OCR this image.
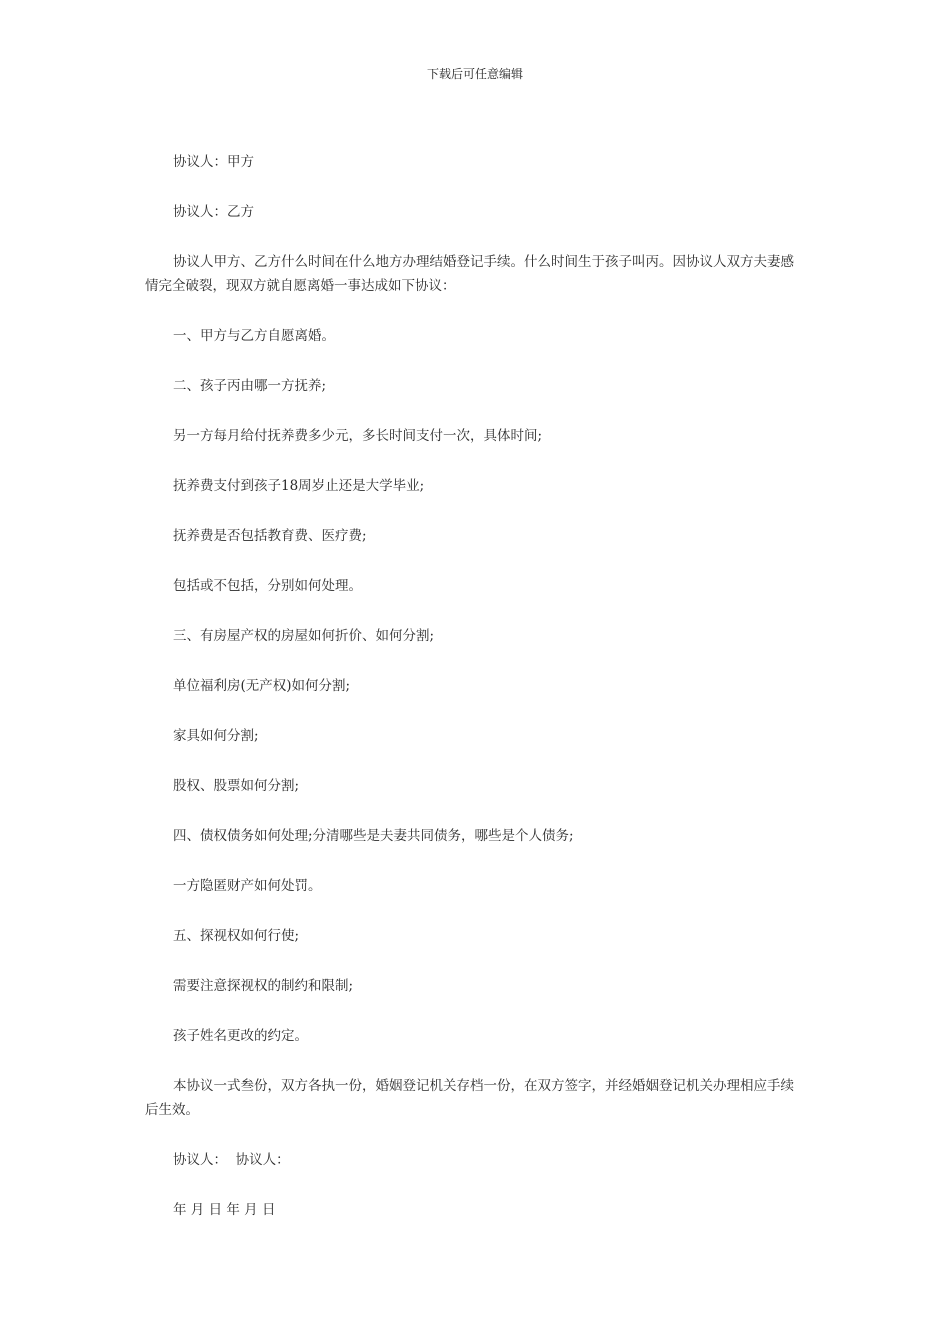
下载后可任意编辑

协议人：甲方

协议人：乙方

协议人甲方、乙方什么时间在什么地方办理结婚登记手续。什么时间生于孩子叫丙。因协议人双方夫妻感情完全破裂，现双方就自愿离婚一事达成如下协议：

一、甲方与乙方自愿离婚。

二、孩子丙由哪一方抚养;

另一方每月给付抚养费多少元，多长时间支付一次，具体时间;

抚养费支付到孩子18周岁止还是大学毕业;

抚养费是否包括教育费、医疗费;

包括或不包括，分别如何处理。

三、有房屋产权的房屋如何折价、如何分割;

单位福利房(无产权)如何分割;

家具如何分割;

股权、股票如何分割;

四、债权债务如何处理;分清哪些是夫妻共同债务，哪些是个人债务;

一方隐匿财产如何处罚。

五、探视权如何行使;

需要注意探视权的制约和限制;

孩子姓名更改的约定。

本协议一式叁份，双方各执一份，婚姻登记机关存档一份，在双方签字，并经婚姻登记机关办理相应手续后生效。

协议人：  协议人：

年 月 日 年 月 日
